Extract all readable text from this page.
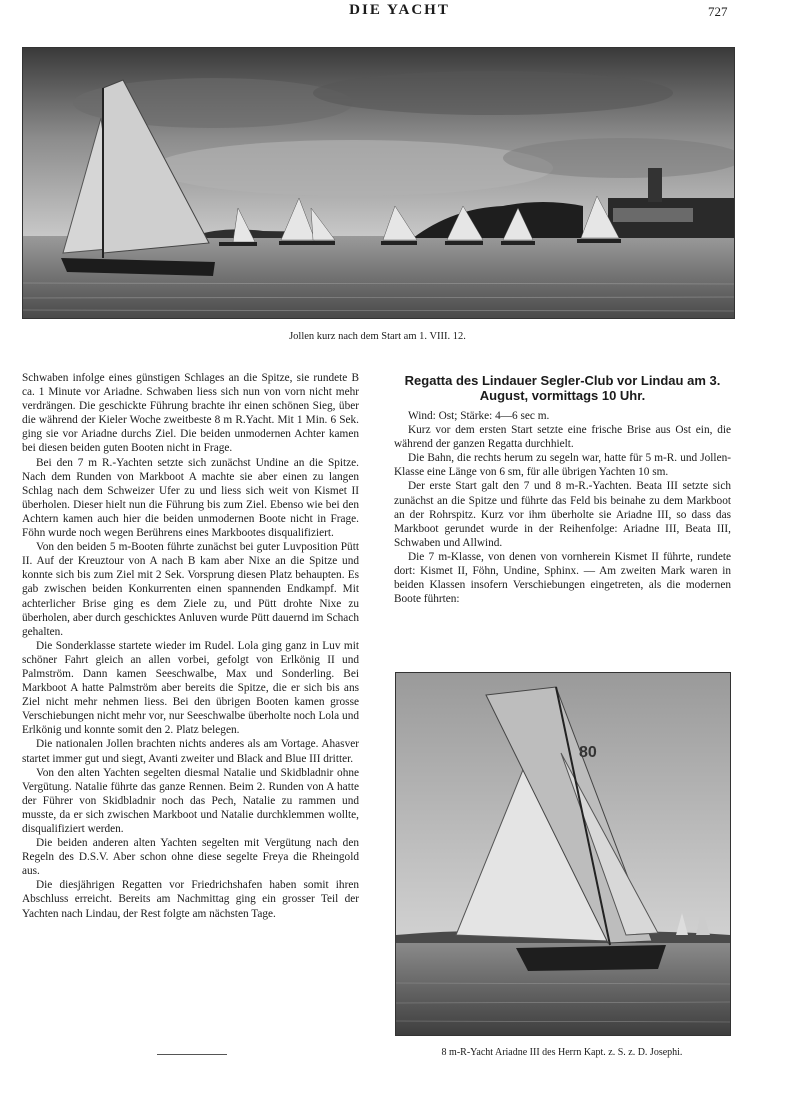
DIE YACHT	727
Jollen kurz nach dem Start am 1. VIII. 12.

Schwaben infolge eines günstigen Schlages an die Spitze, sie rundete B ca. 1 Minute vor Ariadne. Schwaben liess sich nun von vorn nicht mehr verdrängen. Die geschickte Führung brachte ihr einen schönen Sieg, über die während der Kieler Woche zweitbeste 8 m R.Yacht. Mit 1 Min. 6 Sek. ging sie vor Ariadne durchs Ziel. Die beiden unmodernen Achter kamen bei diesen beiden guten Booten nicht in Frage.

Bei den 7 m R.-Yachten setzte sich zunächst Undine an die Spitze. Nach dem Runden von Markboot A machte sie aber einen zu langen Schlag nach dem Schweizer Ufer zu und liess sich weit von Kismet II überholen. Dieser hielt nun die Führung bis zum Ziel. Ebenso wie bei den Achtern kamen auch hier die beiden unmodernen Boote nicht in Frage. Föhn wurde noch wegen Berührens eines Markbootes disqualifiziert.

Von den beiden 5 m-Booten führte zunächst bei guter Luvposition Pütt II. Auf der Kreuztour von A nach B kam aber Nixe an die Spitze und konnte sich bis zum Ziel mit 2 Sek. Vorsprung diesen Platz behaupten. Es gab zwischen beiden Konkurrenten einen spannenden Endkampf. Mit achterlicher Brise ging es dem Ziele zu, und Pütt drohte Nixe zu überholen, aber durch geschicktes Anluven wurde Pütt dauernd im Schach gehalten.

Die Sonderklasse startete wieder im Rudel. Lola ging ganz in Luv mit schöner Fahrt gleich an allen vorbei, gefolgt von Erlkönig II und Palmström. Dann kamen Seeschwalbe, Max und Sonderling. Bei Markboot A hatte Palmström aber bereits die Spitze, die er sich bis ans Ziel nicht mehr nehmen liess. Bei den übrigen Booten kamen grosse Verschiebungen nicht mehr vor, nur Seeschwalbe überholte noch Lola und Erlkönig und konnte somit den 2. Platz belegen.

Die nationalen Jollen brachten nichts anderes als am Vortage. Ahasver startet immer gut und siegt, Avanti zweiter und Black and Blue III dritter.

Von den alten Yachten segelten diesmal Natalie und Skidbladnir ohne Vergütung. Natalie führte das ganze Rennen. Beim 2. Runden von A hatte der Führer von Skidbladnir noch das Pech, Natalie zu rammen und musste, da er sich zwischen Markboot und Natalie durchklemmen wollte, disqualifiziert werden.

Die beiden anderen alten Yachten segelten mit Vergütung nach den Regeln des D.S.V. Aber schon ohne diese segelte Freya die Rheingold aus.

Die diesjährigen Regatten vor Friedrichshafen haben somit ihren Abschluss erreicht. Bereits am Nachmittag ging ein grosser Teil der Yachten nach Lindau, der Rest folgte am nächsten Tage.

Regatta des Lindauer Segler-Club vor Lindau am 3. August, vormittags 10 Uhr.

Wind: Ost; Stärke: 4—6 sec m.

Kurz vor dem ersten Start setzte eine frische Brise aus Ost ein, die während der ganzen Regatta durchhielt.

Die Bahn, die rechts herum zu segeln war, hatte für 5 m-R. und Jollen-Klasse eine Länge von 6 sm, für alle übrigen Yachten 10 sm.

Der erste Start galt den 7 und 8 m-R.-Yachten. Beata III setzte sich zunächst an die Spitze und führte das Feld bis beinahe zu dem Markboot an der Rohrspitz. Kurz vor ihm überholte sie Ariadne III, so dass das Markboot gerundet wurde in der Reihenfolge: Ariadne III, Beata III, Schwaben und Allwind.

Die 7 m-Klasse, von denen von vornherein Kismet II führte, rundete dort: Kismet II, Föhn, Undine, Sphinx. — Am zweiten Mark waren in beiden Klassen insofern Verschiebungen eingetreten, als die modernen Boote führten:

80
8 m-R-Yacht Ariadne III des Herrn Kapt. z. S. z. D. Josephi.
